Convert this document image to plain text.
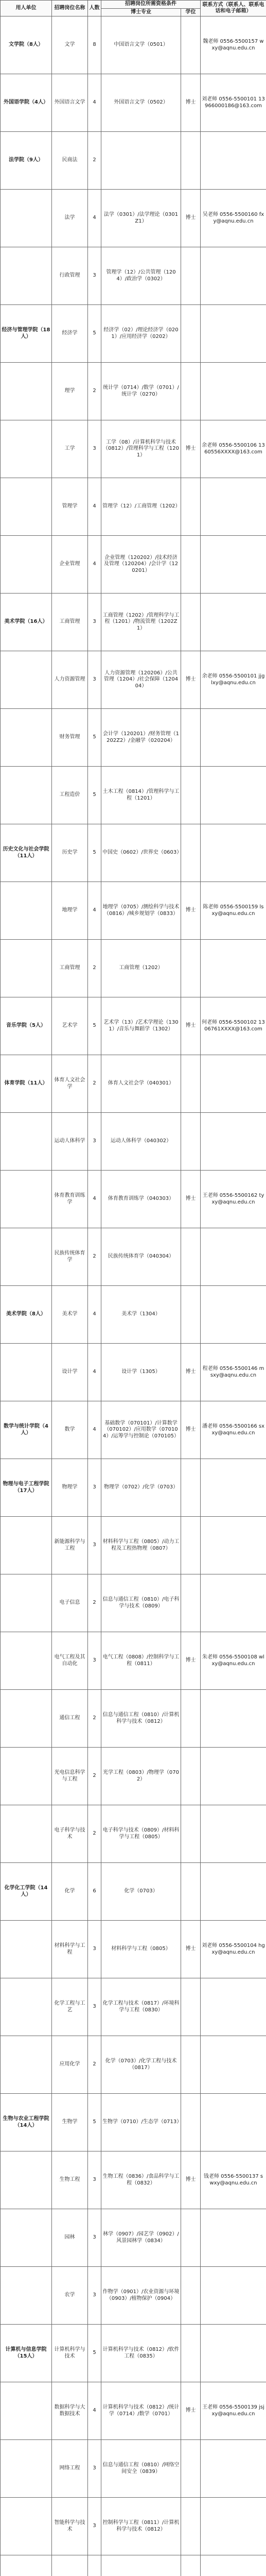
用人单位	招聘岗位名称	人数	招聘岗位所需资格条件		联系方式（联系人、联系电话和电子邮箱）
			博士专业	学位	
文学院（8人）	文学	8	中国语言文学（0501）		魏老师 0556-5500157 wxy@aqnu.edu.cn
外国语学院（4人）	外国语言文学	4	外国语言文学（0502）	博士	刘老师 0556-5500101 13966000186@163.com
法学院（9人）	民商法	2			
	法学	4	法学（0301）/法学理论（0301Z1）	博士	吴老师 0556-5500160 fxy@aqnu.edu.cn
	行政管理	3	管理学（12）/公共管理（1204）/政治学（0302）		
经济与管理学院（18人）	经济学	5	经济学（02）/理论经济学（0201）/应用经济学（0202）		
	理学	2	统计学（0714）/数学（0701）/统计学（0270）		
	工学	3	工学（08）/计算机科学与技术（0812）/管理科学与工程（1201）	博士	余老师 0556-5500106 1360556XXXX@163.com
	管理学	4	管理学（12）/工商管理（1202）		
	企业管理	4	企业管理（120202）/技术经济及管理（120204）/会计学（120201）		
美术学院（16人）	工商管理	3	工商管理（1202）/管理科学与工程（1201）/物流管理（1202Z1）		
	人力资源管理	3	人力资源管理（120206）/公共管理（1204）/社会保障（120404）	博士	余老师 0556-5500101 jjglxy@aqnu.edu.cn
	财务管理	5	会计学（120201）/财务管理（1202Z2）/金融学（020204）		
	工程造价	5	土木工程（0814）/管理科学与工程（1201）		
历史文化与社会学院（11人）	历史学	5	中国史（0602）/世界史（0603）		
	地理学	4	地理学（0705）/测绘科学与技术（0816）/城乡规划学（0833）	博士	陈老师 0556-5500159 lsxy@aqnu.edu.cn
	工商管理	2	工商管理（1202）		
音乐学院（5人）	艺术学	5	艺术学（13）/艺术学理论（1301）/音乐与舞蹈学（1302）	博士	何老师 0556-5500102 1306761XXXX@163.com
体育学院（11人）	体育人文社会学	2	体育人文社会学（040301）		
	运动人体科学	3	运动人体科学（040302）		
	体育教育训练学	4	体育教育训练学（040303）	博士	王老师 0556-5500162 tyxy@aqnu.edu.cn
	民族传统体育学	2	民族传统体育学（040304）		
美术学院（8人）	美术学	4	美术学（1304）		
	设计学	4	设计学（1305）	博士	程老师 0556-5500146 msxy@aqnu.edu.cn
数学与统计学院（4人）	数学	4	基础数学（070101）/计算数学（070102）/应用数学（070104）/运筹学与控制论（070105）	博士	潘老师 0556-5500166 sxxy@aqnu.edu.cn
物理与电子工程学院（17人）	物理学	3	物理学（0702）/化学（0703）		
	新能源科学与工程	3	材料科学与工程（0805）/动力工程及工程热物理（0807）		
	电子信息	2	信息与通信工程（0810）/电子科学与技术（0809）		
	电气工程及其自动化	3	电气工程（0808）/控制科学与工程（0811）	博士	朱老师 0556-5500108 wlxy@aqnu.edu.cn
	通信工程	2	信息与通信工程（0810）/计算机科学与技术（0812）		
	光电信息科学与工程	2	光学工程（0803）/物理学（0702）		
	电子科学与技术	2	电子科学与技术（0809）/材料科学与工程（0805）		
化学化工学院（14人）	化学	6	化学（0703）		
	材料科学与工程	3	材料科学与工程（0805）	博士	刘老师 0556-5500104 hgxy@aqnu.edu.cn
	化学工程与工艺	3	化学工程与技术（0817）/环境科学与工程（0830）		
	应用化学	2	化学（0703）/化学工程与技术（0817）		
生物与农业工程学院（14人）	生物学	5	生物学（0710）/生态学（0713）		
	生物工程	3	生物工程（0836）/食品科学与工程（0832）	博士	钱老师 0556-5500137 swxy@aqnu.edu.cn
	园林	3	林学（0907）/园艺学（0902）/风景园林学（0834）		
	农学	3	作物学（0901）/农业资源与环境（0903）/植物保护（0904）		
计算机与信息学院（15人）	计算机科学与技术	5	计算机科学与技术（0812）/软件工程（0835）		
	数据科学与大数据技术	4	计算机科学与技术（0812）/统计学（0714）/数学（0701）	博士	王老师 0556-5500139 jsjxy@aqnu.edu.cn
	网络工程	3	信息与通信工程（0810）/网络空间安全（0839）		
	智能科学与技术	3	控制科学与工程（0811）/计算机科学与技术（0812）		
